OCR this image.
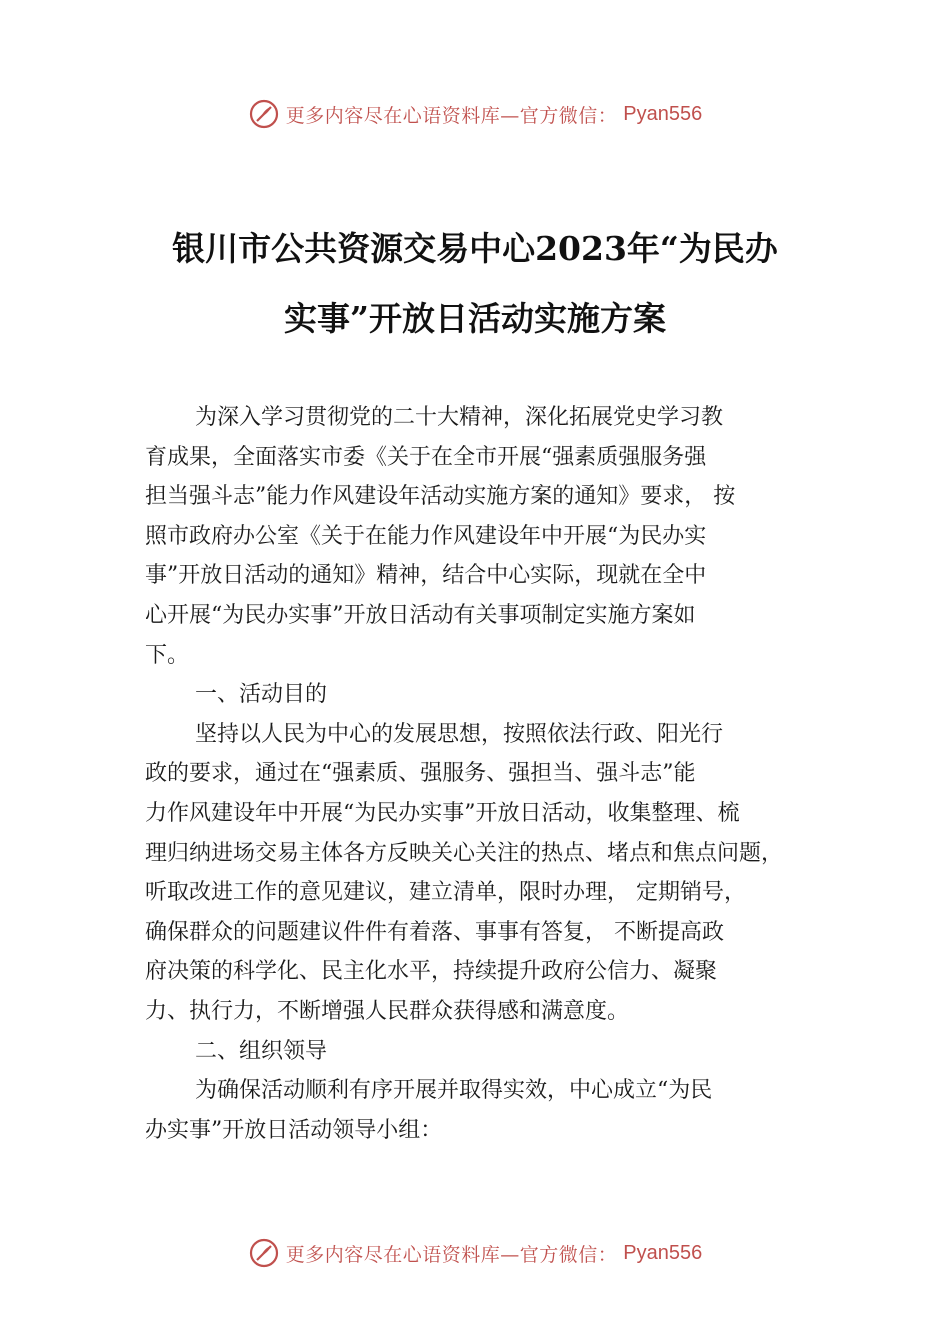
更多内容尽在心语资料库—官方微信： Pyan556
银川市公共资源交易中心2023年“为民办
实事”开放日活动实施方案
为深入学习贯彻党的二十大精神，深化拓展党史学习教
育成果，全面落实市委《关于在全市开展“强素质强服务强
担当强斗志”能力作风建设年活动实施方案的通知》要求， 按
照市政府办公室《关于在能力作风建设年中开展“为民办实
事”开放日活动的通知》精神，结合中心实际，现就在全中
心开展“为民办实事”开放日活动有关事项制定实施方案如
下。
一、活动目的
坚持以人民为中心的发展思想，按照依法行政、阳光行
政的要求，通过在“强素质、强服务、强担当、强斗志”能
力作风建设年中开展“为民办实事”开放日活动，收集整理、梳
理归纳进场交易主体各方反映关心关注的热点、堵点和焦点问题，
听取改进工作的意见建议，建立清单，限时办理， 定期销号，
确保群众的问题建议件件有着落、事事有答复， 不断提高政
府决策的科学化、民主化水平，持续提升政府公信力、凝聚
力、执行力，不断增强人民群众获得感和满意度。
二、组织领导
为确保活动顺利有序开展并取得实效，中心成立“为民
办实事”开放日活动领导小组：
更多内容尽在心语资料库—官方微信： Pyan556
